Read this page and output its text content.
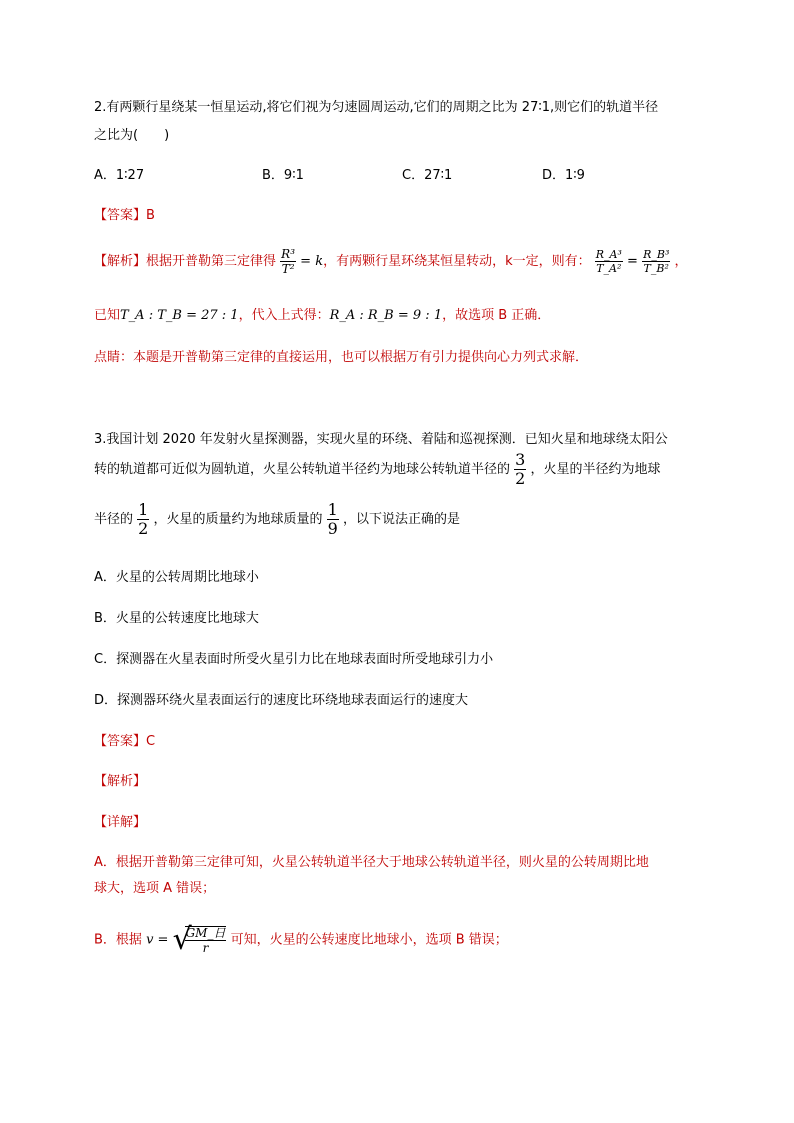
2.有两颗行星绕某一恒星运动,将它们视为匀速圆周运动,它们的周期之比为 27∶1,则它们的轨道半径
之比为(　　)
A．1∶27	B．9∶1	C．27∶1	D．1∶9
【答案】B
【解析】根据开普勒第三定律得 $\frac{\text{R³}}{\text{T²}} = k$，有两颗行星环绕某恒星转动，k一定，则有： $\frac{\text{R\_A³}}{\text{T\_A²}} = \frac{\text{R\_B³}}{\text{T\_B²}}$ ，
已知T_A : T_B = 27 : 1，代入上式得：R_A : R_B = 9 : 1，故选项 B 正确．
点睛：本题是开普勒第三定律的直接运用，也可以根据万有引力提供向心力列式求解．
3.我国计划 2020 年发射火星探测器，实现火星的环绕、着陆和巡视探测．已知火星和地球绕太阳公
转的轨道都可近似为圆轨道，火星公转轨道半径约为地球公转轨道半径的 $\frac{3}{2}$ ，火星的半径约为地球
半径的 $\frac{1}{2}$ ，火星的质量约为地球质量的 $\frac{1}{9}$ ，以下说法正确的是
A．火星的公转周期比地球小
B．火星的公转速度比地球大
C．探测器在火星表面时所受火星引力比在地球表面时所受地球引力小
D．探测器环绕火星表面运行的速度比环绕地球表面运行的速度大
【答案】C
【解析】
【详解】
A．根据开普勒第三定律可知，火星公转轨道半径大于地球公转轨道半径，则火星的公转周期比地
球大，选项 A 错误；
B．根据 v = √
$\frac{\text{GM\_日}}{r}$ 可知，火星的公转速度比地球小，选项 B 错误；
